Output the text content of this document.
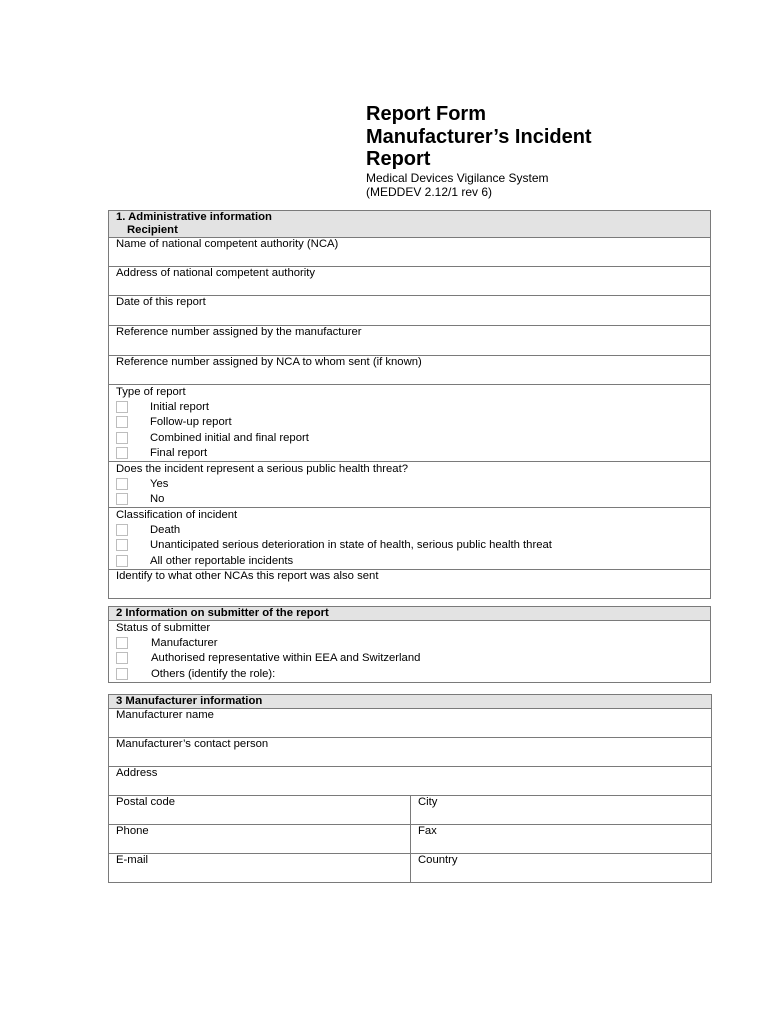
Report Form
Manufacturer’s Incident
Report
Medical Devices Vigilance System
(MEDDEV 2.12/1 rev 6)
1. Administrative information
Recipient

Name of national competent authority (NCA)
Address of national competent authority
Date of this report
Reference number assigned by the manufacturer
Reference number assigned by NCA to whom sent (if known)

Type of report
Initial report
Follow-up report
Combined initial and final report
Final report

Does the incident represent a serious public health threat?
Yes
No

Classification of incident
Death
Unanticipated serious deterioration in state of health, serious public health threat
All other reportable incidents

Identify to what other NCAs this report was also sent
2 Information on submitter of the report

Status of submitter
Manufacturer
Authorised representative within EEA and Switzerland
Others (identify the role):
3 Manufacturer information	
Manufacturer name	
Manufacturer’s contact person	
Address	
Postal code	City
Phone	Fax
E-mail	Country
